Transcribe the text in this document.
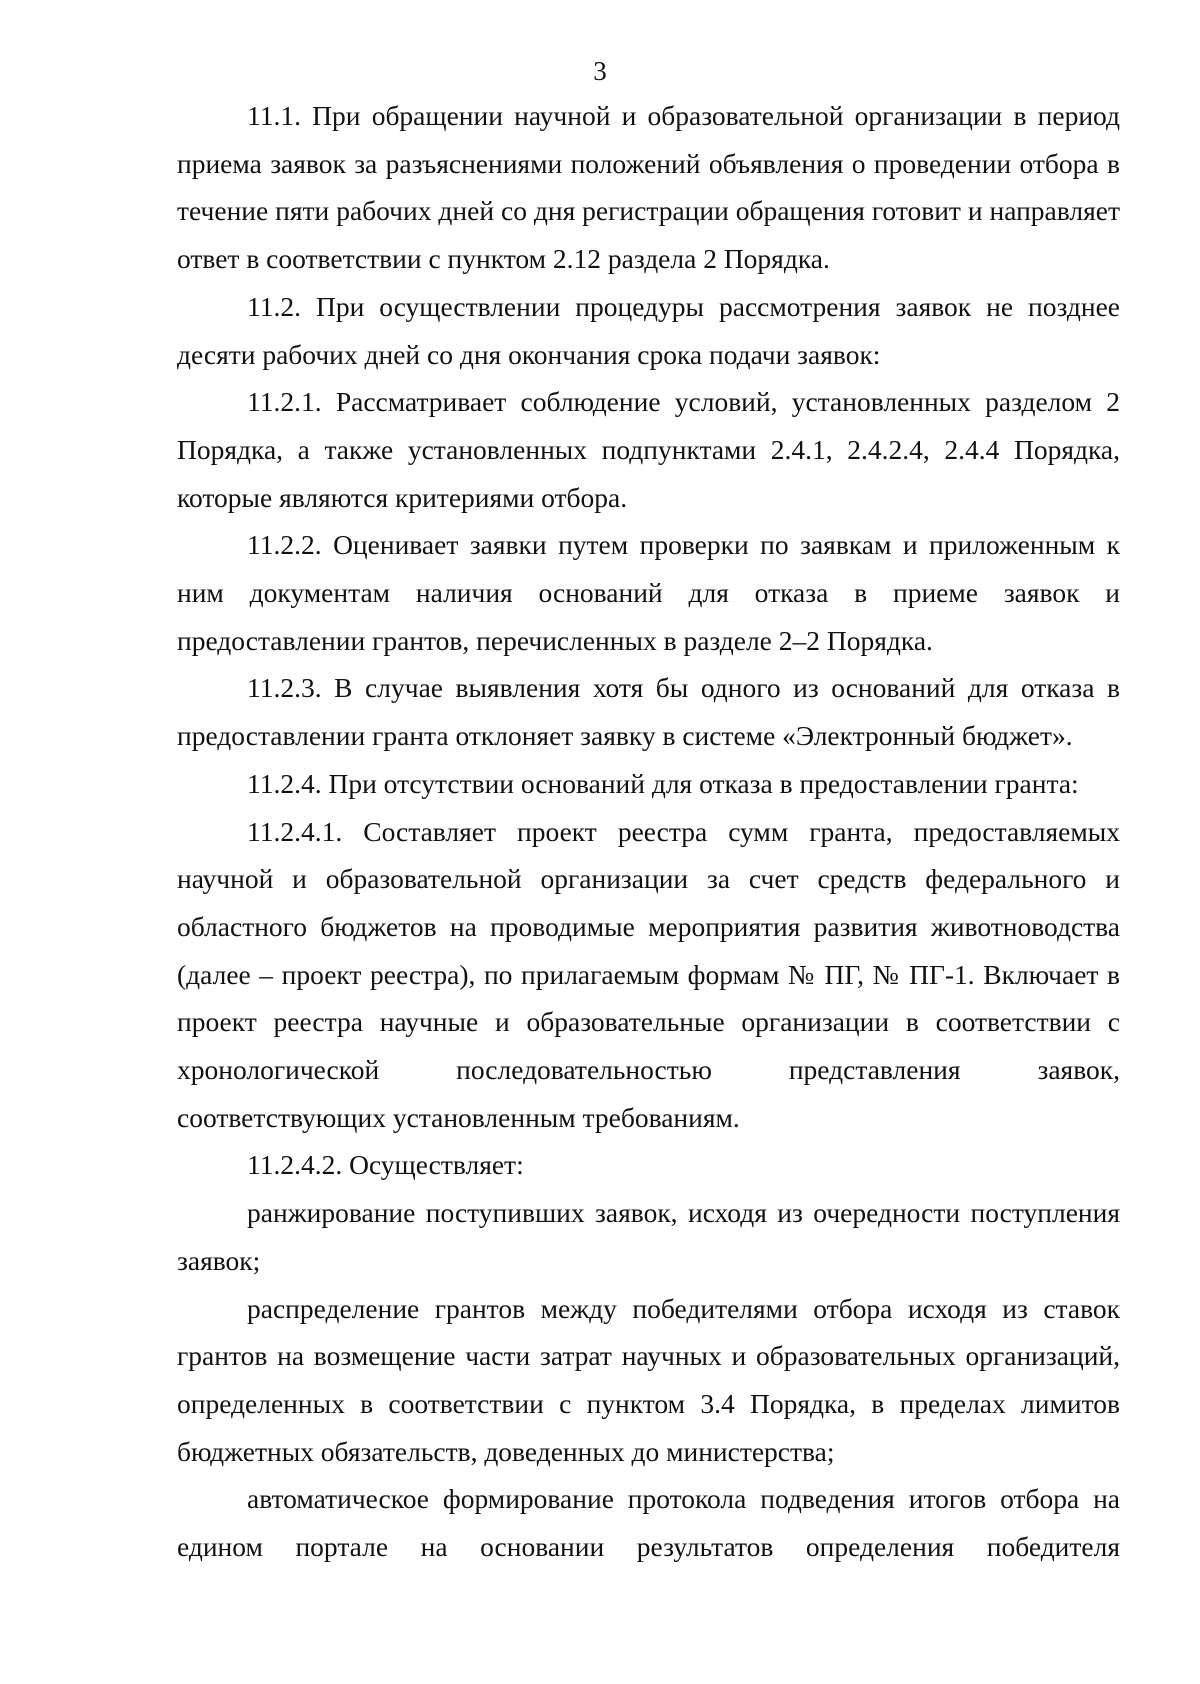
3

11.1. При обращении научной и образовательной организации в период приема заявок за разъяснениями положений объявления о проведении отбора в течение пяти рабочих дней со дня регистрации обращения готовит и направляет ответ в соответствии с пунктом 2.12 раздела 2 Порядка.

11.2. При осуществлении процедуры рассмотрения заявок не позднее десяти рабочих дней со дня окончания срока подачи заявок:

11.2.1. Рассматривает соблюдение условий, установленных разделом 2 Порядка, а также установленных подпунктами 2.4.1, 2.4.2.4, 2.4.4 Порядка, которые являются критериями отбора.

11.2.2. Оценивает заявки путем проверки по заявкам и приложенным к ним документам наличия оснований для отказа в приеме заявок и предоставлении грантов, перечисленных в разделе 2–2 Порядка.

11.2.3. В случае выявления хотя бы одного из оснований для отказа в предоставлении гранта отклоняет заявку в системе «Электронный бюджет».

11.2.4. При отсутствии оснований для отказа в предоставлении гранта:

11.2.4.1. Составляет проект реестра сумм гранта, предоставляемых научной и образовательной организации за счет средств федерального и областного бюджетов на проводимые мероприятия развития животноводства (далее – проект реестра), по прилагаемым формам № ПГ, № ПГ-1. Включает в проект реестра научные и образовательные организации в соответствии с хронологической последовательностью представления заявок, соответствующих установленным требованиям.

11.2.4.2. Осуществляет:

ранжирование поступивших заявок, исходя из очередности поступления заявок;

распределение грантов между победителями отбора исходя из ставок грантов на возмещение части затрат научных и образовательных организаций, определенных в соответствии с пунктом 3.4 Порядка, в пределах лимитов бюджетных обязательств, доведенных до министерства;

автоматическое формирование протокола подведения итогов отбора на едином портале на основании результатов определения победителя
